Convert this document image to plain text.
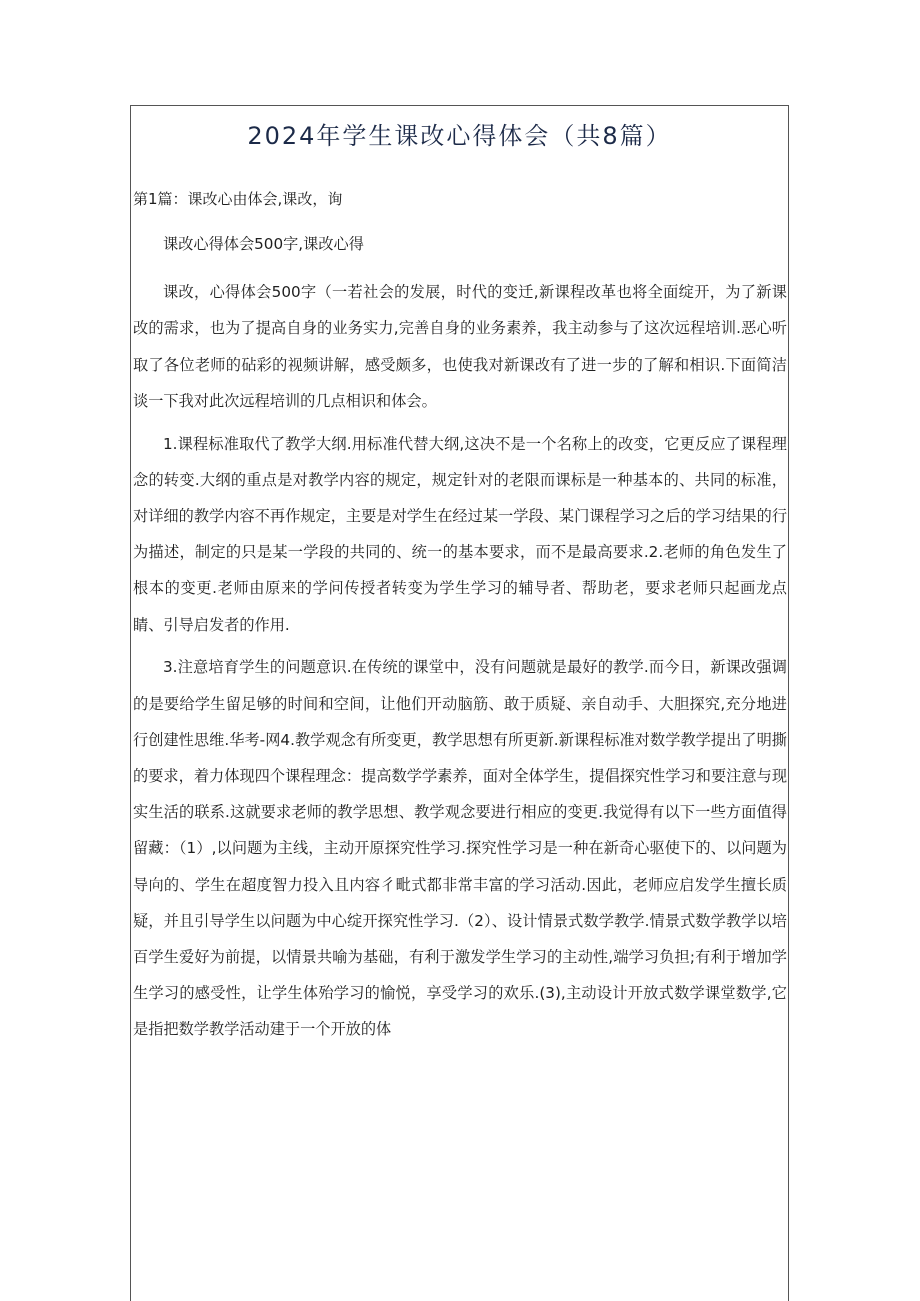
2024年学生课改心得体会（共8篇）
第1篇：课改心由体会,课改，询

课改心得体会500字,课改心得

课改，心得体会500字（一若社会的发展，时代的变迁,新课程改革也将全面绽开，为了新课改的需求，也为了提高自身的业务实力,完善自身的业务素养，我主动参与了这次远程培训.恶心听取了各位老师的砧彩的视频讲解，感受颇多，也使我对新课改有了进一步的了解和相识.下面简洁谈一下我对此次远程培训的几点相识和体会。

1.课程标准取代了教学大纲.用标准代替大纲,这决不是一个名称上的改变，它更反应了课程理念的转变.大纲的重点是对教学内容的规定，规定针对的老限而课标是一种基本的、共同的标准，对详细的教学内容不再作规定，主要是对学生在经过某一学段、某门课程学习之后的学习结果的行为描述，制定的只是某一学段的共同的、统一的基本要求，而不是最高要求.2.老师的角色发生了根本的变更.老师由原来的学问传授者转变为学生学习的辅导者、帮助老，要求老师只起画龙点睛、引导启发者的作用.

3.注意培育学生的问题意识.在传统的课堂中，没有问题就是最好的教学.而今日，新课改强调的是要给学生留足够的时间和空间，让他们开动脑筋、敢于质疑、亲自动手、大胆探究,充分地进行创建性思维.华考-网4.教学观念有所变更，教学思想有所更新.新课程标准对数学教学提出了明撕的要求，着力体现四个课程理念：提高数学学素养，面对全体学生，提倡探究性学习和要注意与现实生活的联系.这就要求老师的教学思想、教学观念要进行相应的变更.我觉得有以下一些方面值得留藏：（1）,以问题为主线，主动开原探究性学习.探究性学习是一种在新奇心驱使下的、以问题为导向的、学生在超度智力投入且内容彳毗式都非常丰富的学习活动.因此，老师应启发学生擅长质疑，并且引导学生以问题为中心绽开探究性学习.（2）、设计情景式数学教学.情景式数学教学以培百学生爱好为前提，以情景共喻为基础，有利于激发学生学习的主动性,端学习负担;有利于增加学生学习的感受性，让学生体殆学习的愉悦，享受学习的欢乐.(3),主动设计开放式数学课堂数学,它是指把数学教学活动建于一个开放的体
